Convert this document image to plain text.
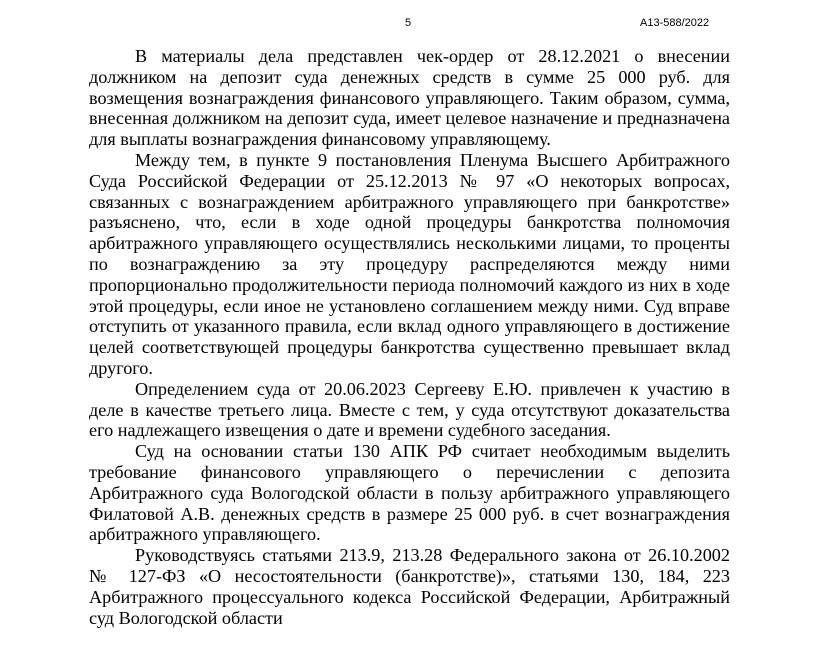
5	А13-588/2022

В материалы дела представлен чек-ордер от 28.12.2021 о внесении должником на депозит суда денежных средств в сумме 25 000 руб. для возмещения вознаграждения финансового управляющего. Таким образом, сумма, внесенная должником на депозит суда, имеет целевое назначение и предназначена для выплаты вознаграждения финансовому управляющему.

Между тем, в пункте 9 постановления Пленума Высшего Арбитражного Суда Российской Федерации от 25.12.2013 № 97 «О некоторых вопросах, связанных с вознаграждением арбитражного управляющего при банкротстве» разъяснено, что, если в ходе одной процедуры банкротства полномочия арбитражного управляющего осуществлялись несколькими лицами, то проценты по вознаграждению за эту процедуру распределяются между ними пропорционально продолжительности периода полномочий каждого из них в ходе этой процедуры, если иное не установлено соглашением между ними. Суд вправе отступить от указанного правила, если вклад одного управляющего в достижение целей соответствующей процедуры банкротства существенно превышает вклад другого.

Определением суда от 20.06.2023 Сергееву Е.Ю. привлечен к участию в деле в качестве третьего лица. Вместе с тем, у суда отсутствуют доказательства его надлежащего извещения о дате и времени судебного заседания.

Суд на основании статьи 130 АПК РФ считает необходимым выделить требование финансового управляющего о перечислении с депозита Арбитражного суда Вологодской области в пользу арбитражного управляющего Филатовой А.В. денежных средств в размере 25 000 руб. в счет вознаграждения арбитражного управляющего.

Руководствуясь статьями 213.9, 213.28 Федерального закона от 26.10.2002 № 127-ФЗ «О несостоятельности (банкротстве)», статьями 130, 184, 223 Арбитражного процессуального кодекса Российской Федерации, Арбитражный суд Вологодской области
